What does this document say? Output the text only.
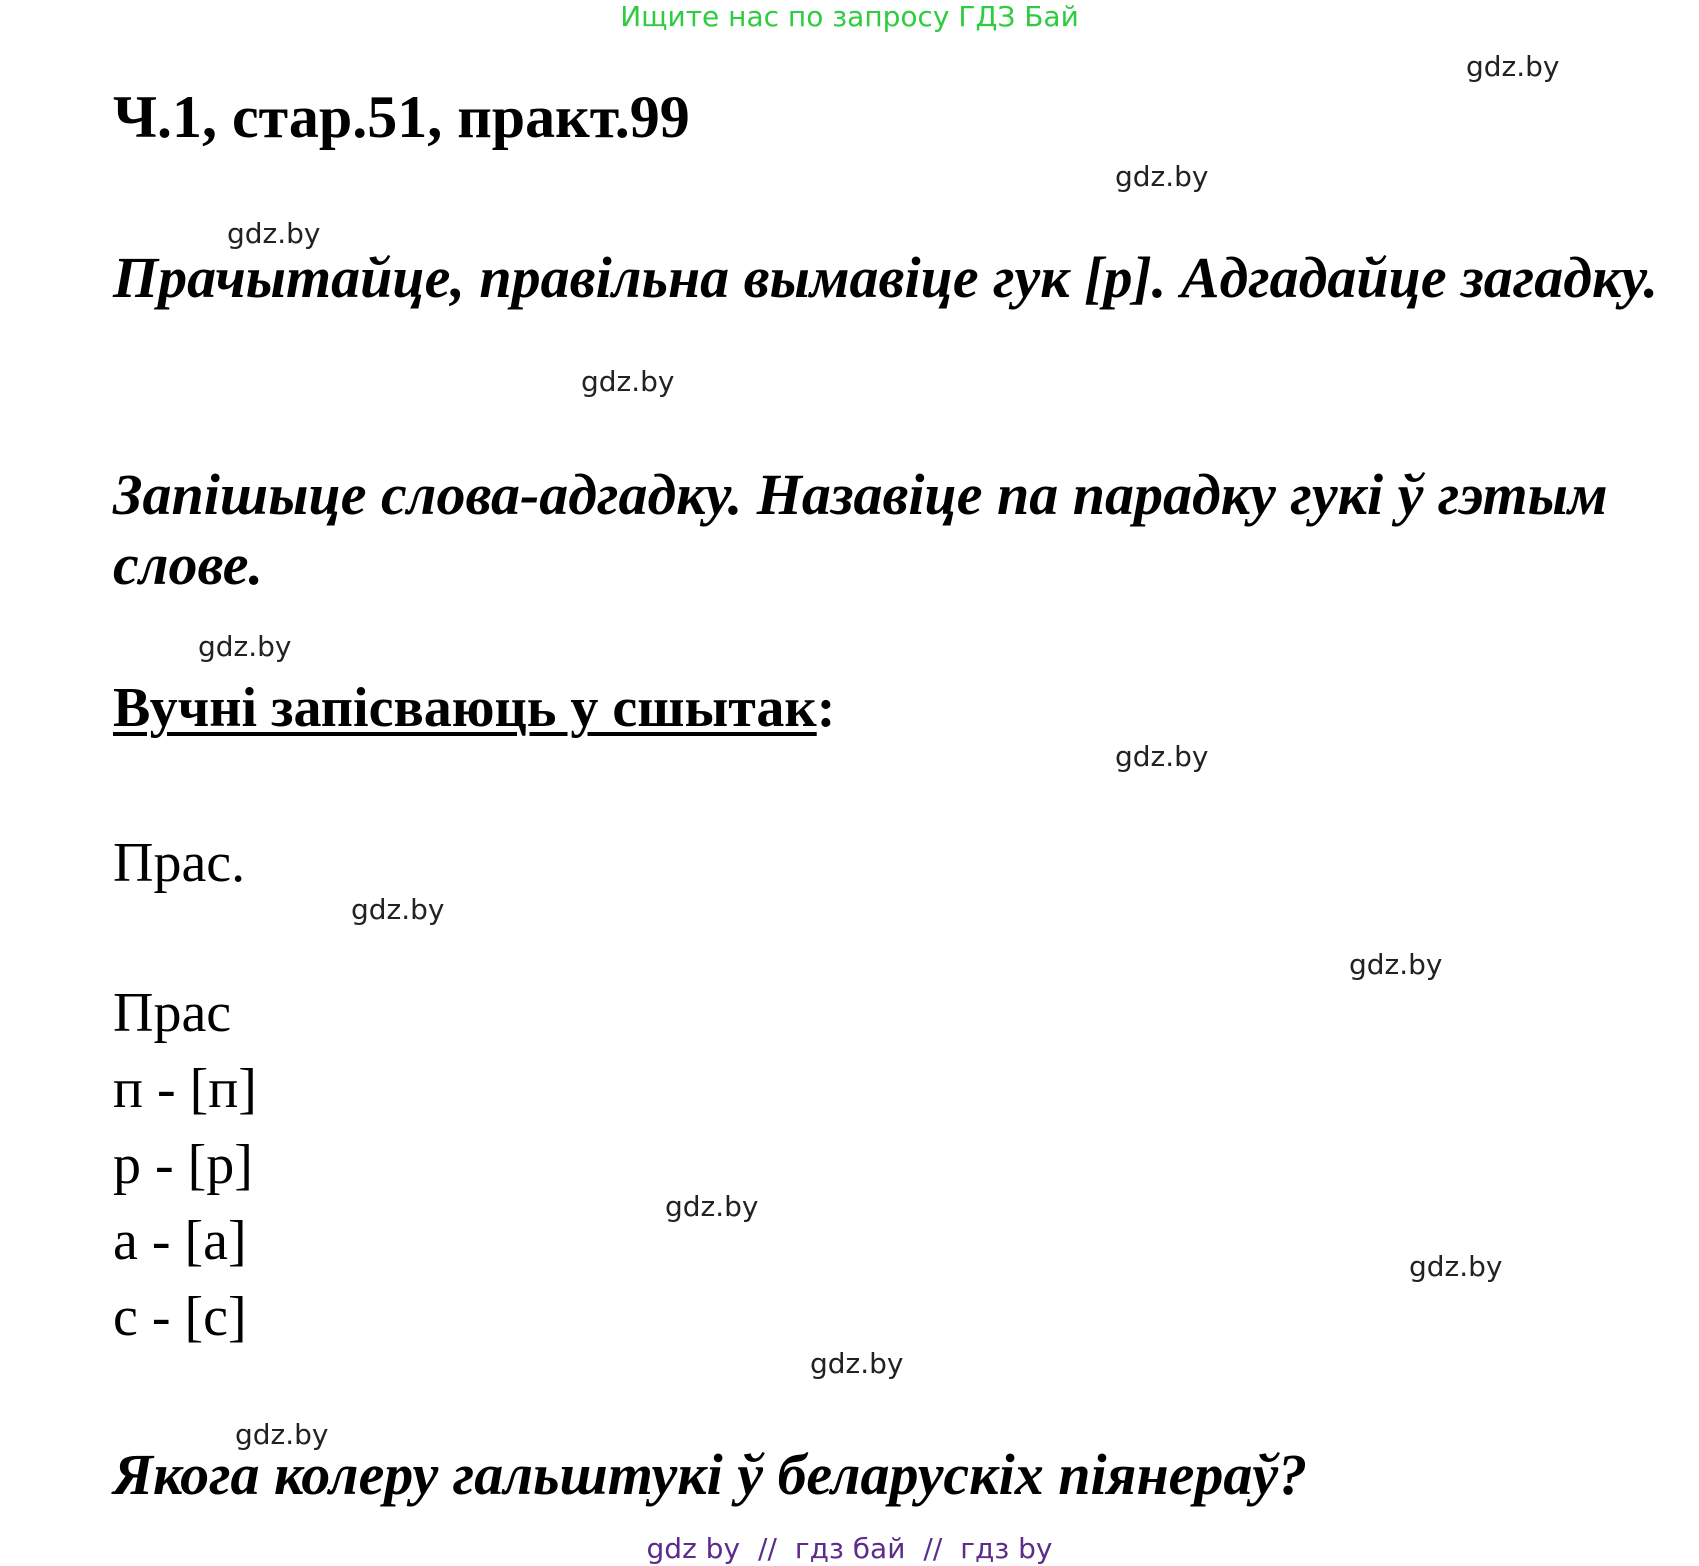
Ищите нас по запросу ГДЗ Бай
Ч.1, стар.51, практ.99
Прачытайце, правільна вымавіце гук [р]. Адгадайце загадку.
Запішыце слова-адгадку. Назавіце па парадку гукі ў гэтым слове.
Вучні запісваюць у сшытак:
Прас.
Прас
п - [п]
р - [р]
а - [а]
с - [с]
Якога колеру гальштукі ў беларускіх піянераў?
gdz.by
gdz.by
gdz.by
gdz.by
gdz.by
gdz.by
gdz.by
gdz.by
gdz.by
gdz.by
gdz.by
gdz.by
gdz by // гдз бай // гдз by
